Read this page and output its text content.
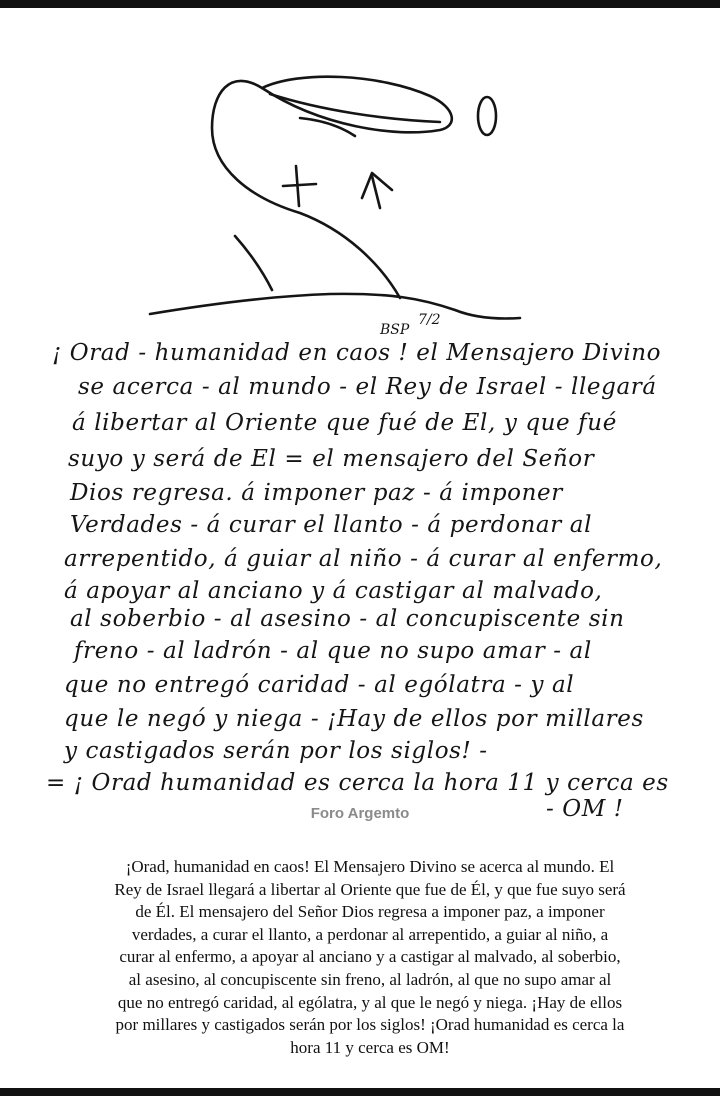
BSP
7/2
¡ Orad - humanidad en caos ! el Mensajero Divino
se acerca - al mundo - el Rey de Israel - llegará
á libertar al Oriente que fué de El, y que fué
suyo y será de El = el mensajero del Señor
Dios regresa. á imponer paz - á imponer
Verdades - á curar el llanto - á perdonar al
arrepentido, á guiar al niño - á curar al enfermo,
á apoyar al anciano y á castigar al malvado,
al soberbio - al asesino - al concupiscente sin
freno - al ladrón - al que no supo amar - al
que no entregó caridad - al ególatra - y al
que le negó y niega - ¡Hay de ellos por millares
y castigados serán por los siglos! -
= ¡ Orad humanidad es cerca la hora 11 y cerca es
- OM !
Foro Argemto
¡Orad, humanidad en caos! El Mensajero Divino se acerca al mundo. El
Rey de Israel llegará a libertar al Oriente que fue de Él, y que fue suyo será
de Él. El mensajero del Señor Dios regresa a imponer paz, a imponer
verdades, a curar el llanto, a perdonar al arrepentido, a guiar al niño, a
curar al enfermo, a apoyar al anciano y a castigar al malvado, al soberbio,
al asesino, al concupiscente sin freno, al ladrón, al que no supo amar al
que no entregó caridad, al ególatra, y al que le negó y niega. ¡Hay de ellos
por millares y castigados serán por los siglos! ¡Orad humanidad es cerca la
hora 11 y cerca es OM!
